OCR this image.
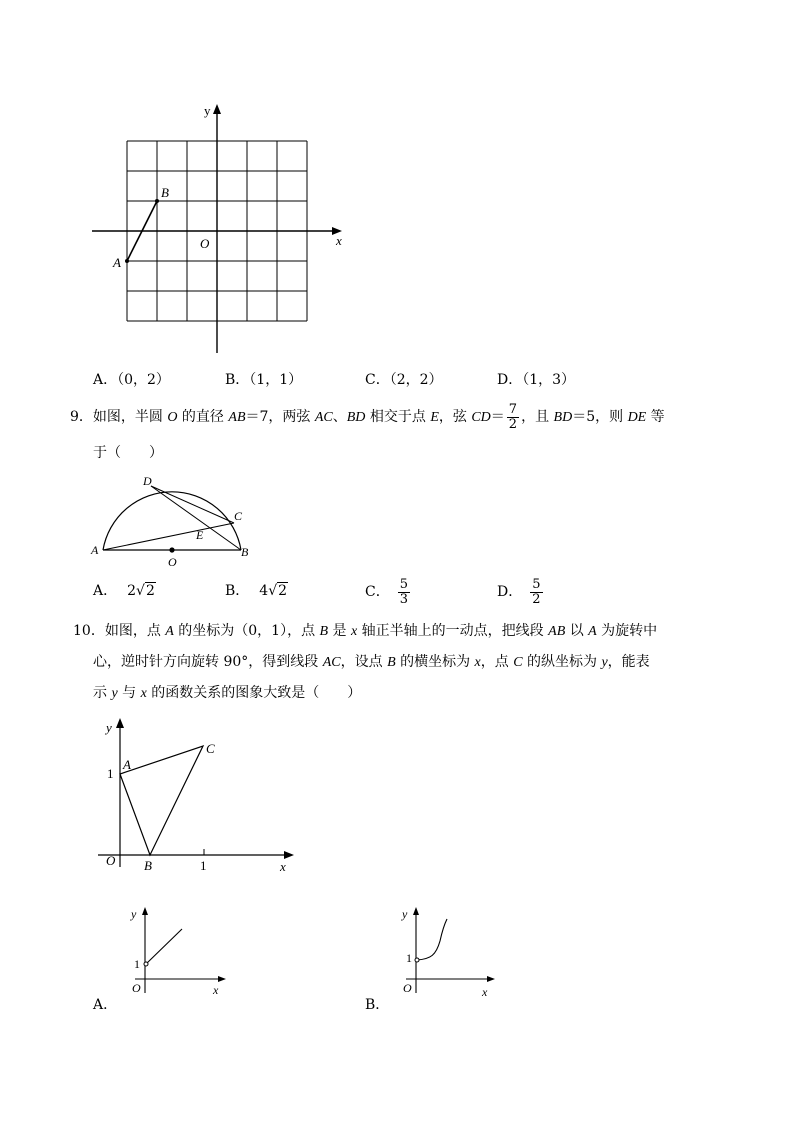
y
x
O
A
B
A．（0，2）	B．（1，1）	C．（2，2）	D．（1，3）
9．如图，半圆 O 的直径 AB＝7，两弦 AC、BD 相交于点 E，弦 $CD= \frac{7}{2}$ ，且 BD＝5，则 DE 等
于（　　）
A	B
C
D
E
O
A． 2√2	B． 4√2	C． $\frac{5}{3}$	D． $\frac{5}{2}$
10．如图，点 A 的坐标为（0，1），点 B 是 x 轴正半轴上的一动点，把线段 AB 以 A 为旋转中
心，逆时针方向旋转 90°，得到线段 AC，设点 B 的横坐标为 x，点 C 的纵坐标为 y，能表
示 y 与 x 的函数关系的图象大致是（　　）
y
x
O
A
B
C
1
1
y
x
O
1
A．
y
x
O
1
B．
